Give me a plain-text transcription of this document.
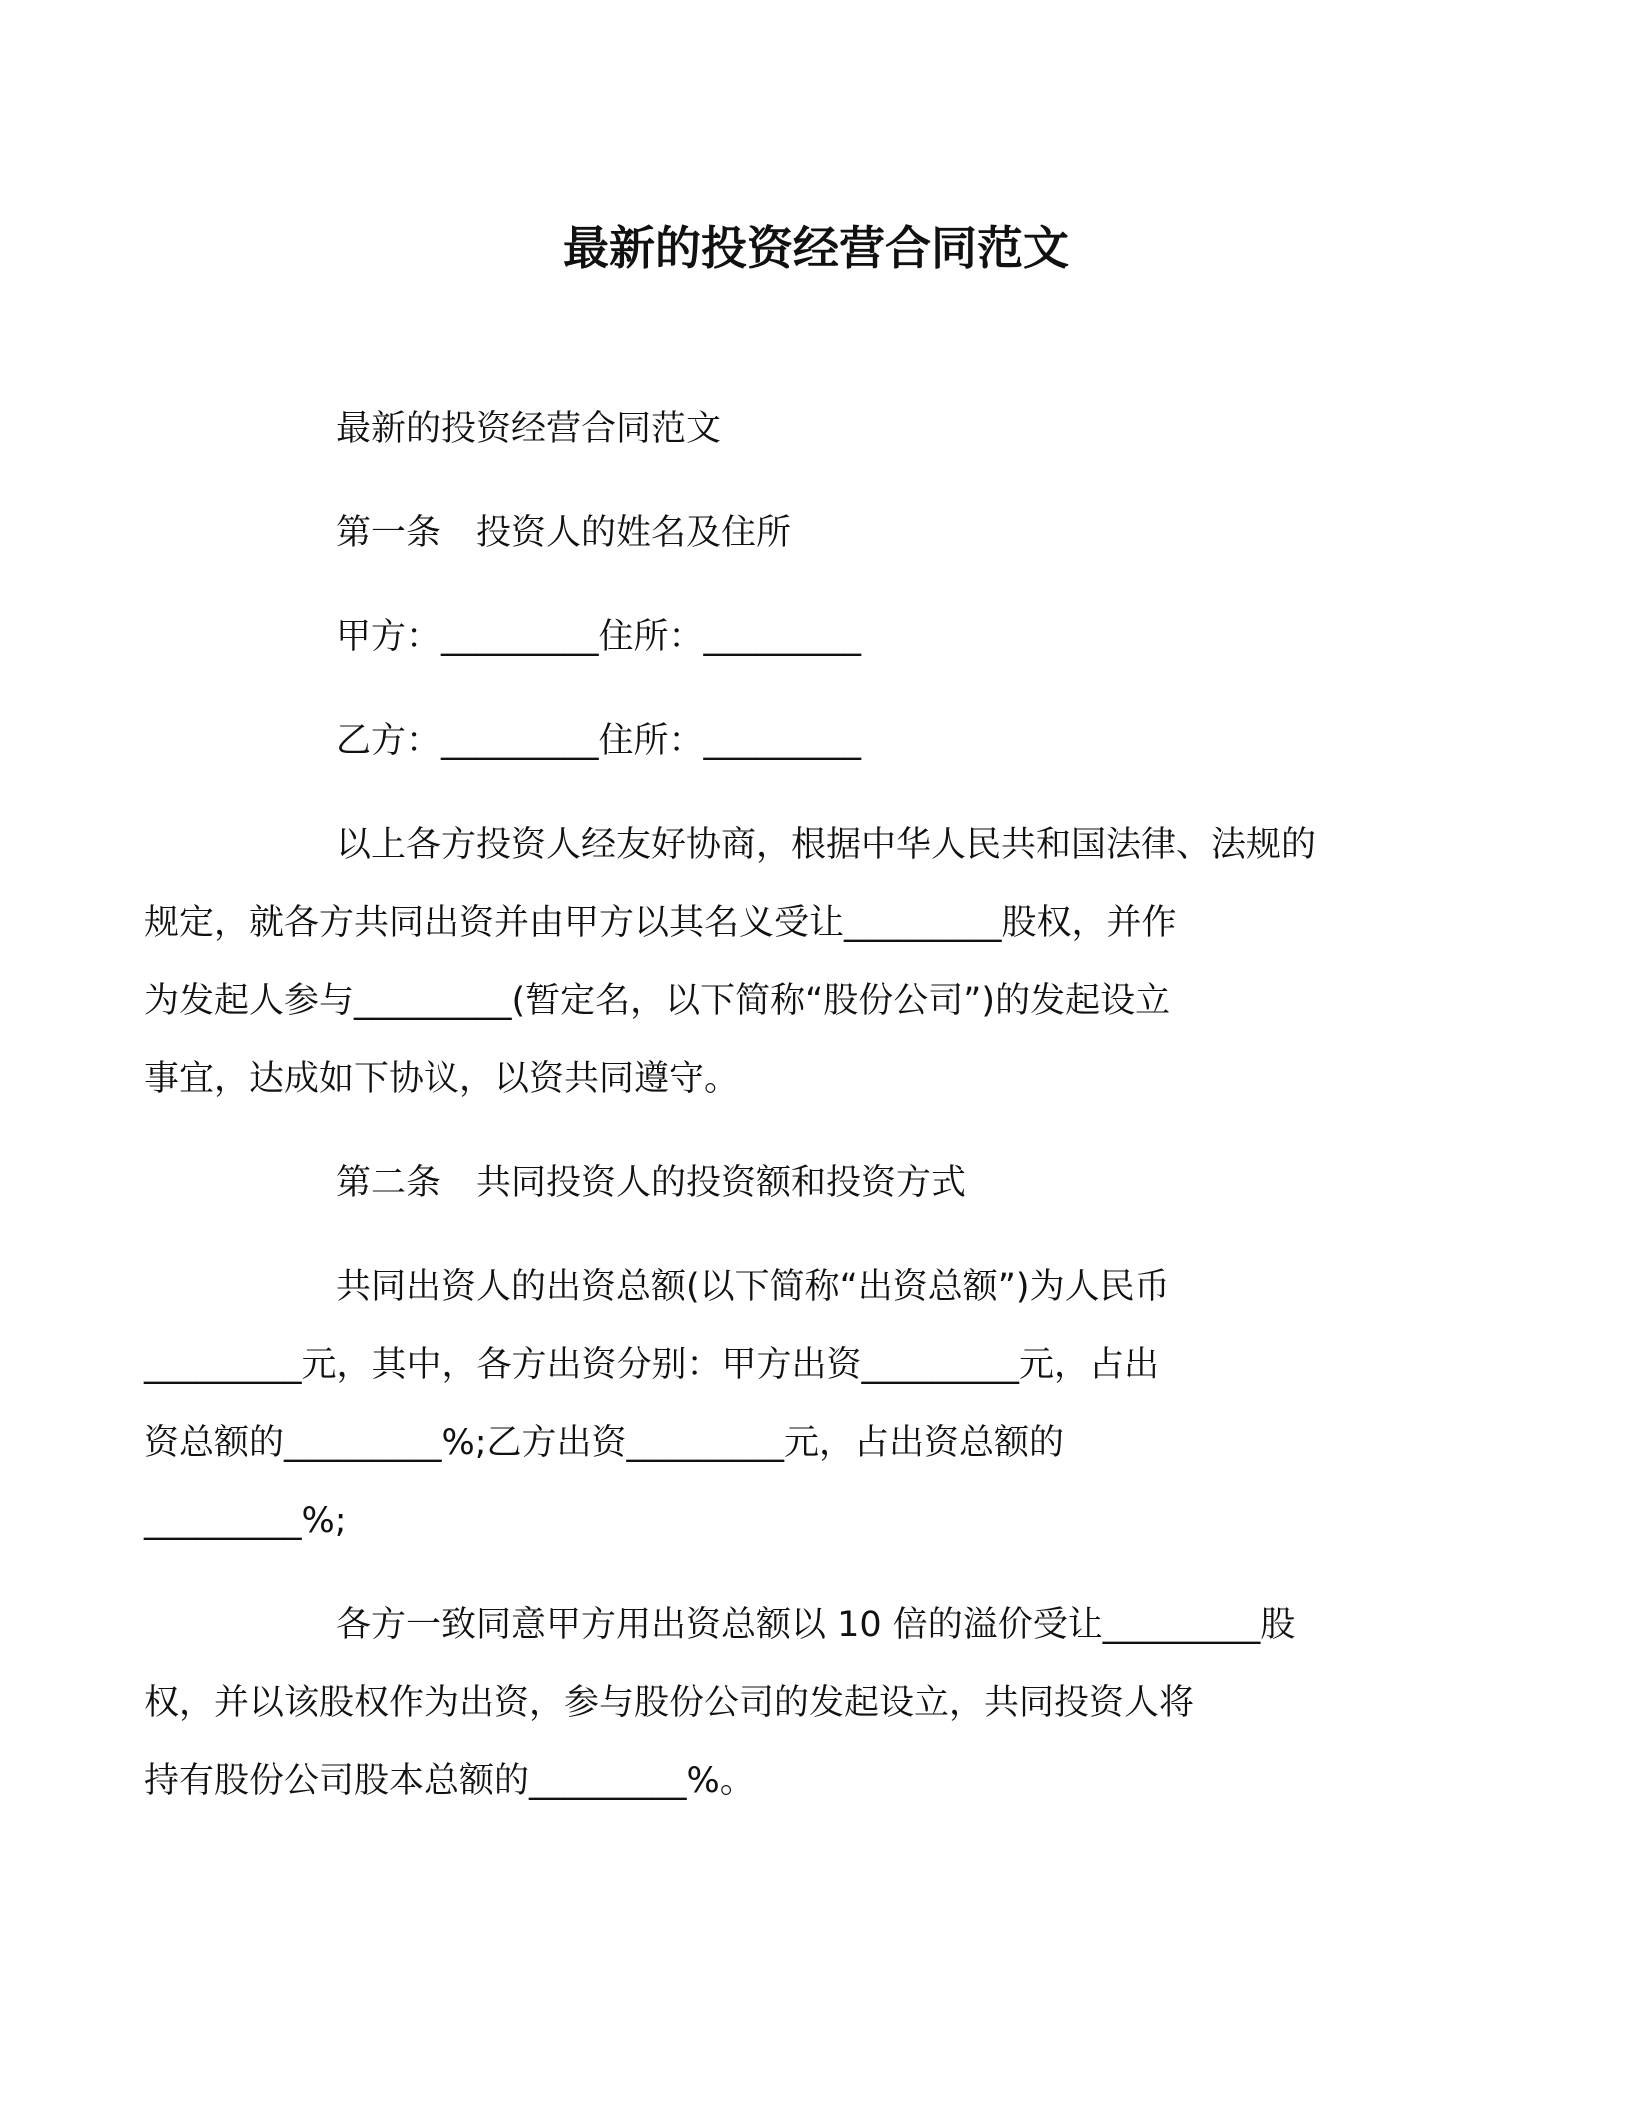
最新的投资经营合同范文

最新的投资经营合同范文

第一条　投资人的姓名及住所

甲方：_________住所：_________

乙方：_________住所：_________

以上各方投资人经友好协商，根据中华人民共和国法律、法规的
规定，就各方共同出资并由甲方以其名义受让_________股权，并作
为发起人参与_________(暂定名，以下简称“股份公司”)的发起设立
事宜，达成如下协议，以资共同遵守。

第二条　共同投资人的投资额和投资方式

共同出资人的出资总额(以下简称“出资总额”)为人民币
_________元，其中，各方出资分别：甲方出资_________元，占出
资总额的_________%;乙方出资_________元，占出资总额的
_________%;

各方一致同意甲方用出资总额以 10 倍的溢价受让_________股
权，并以该股权作为出资，参与股份公司的发起设立，共同投资人将
持有股份公司股本总额的_________%。
